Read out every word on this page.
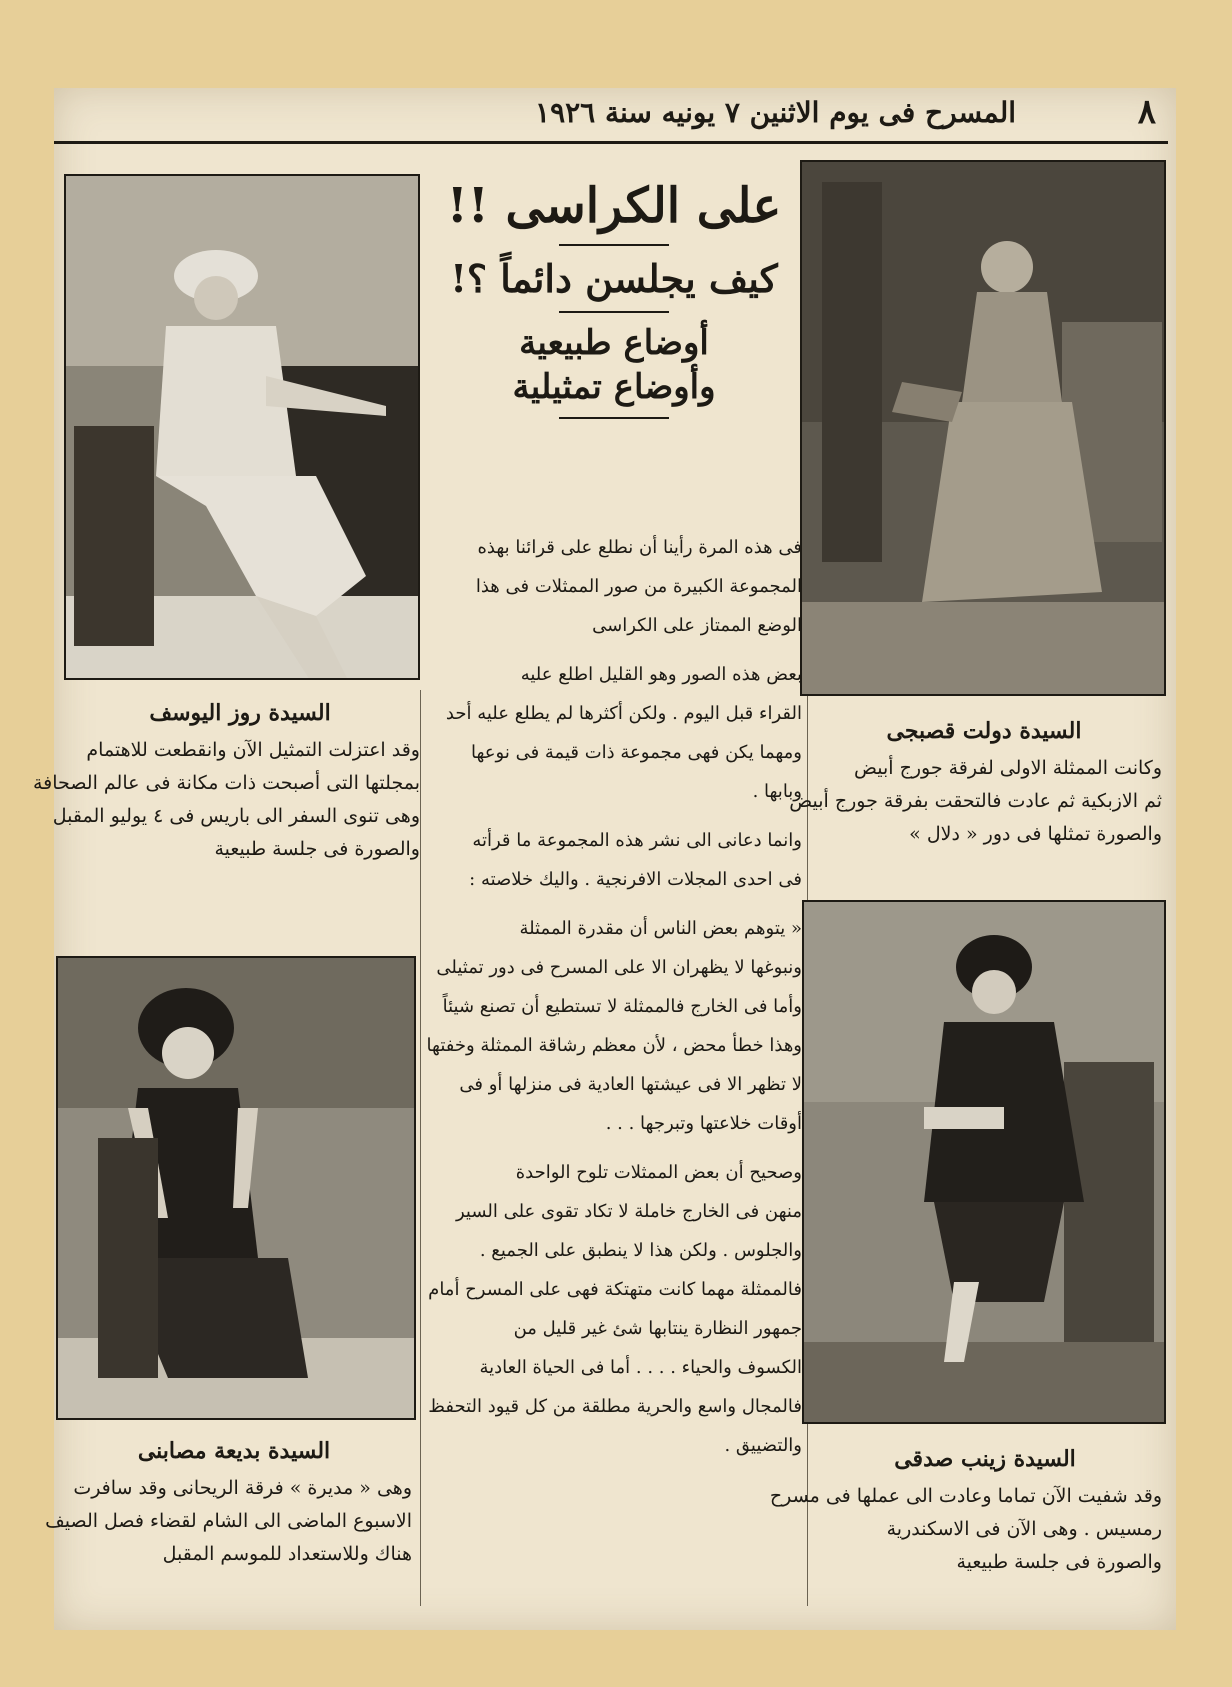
٨
المسرح فى يوم الاثنين ٧ يونيه سنة ١٩٢٦
على الكراسى !!
كيف يجلسن دائماً ؟!
أوضاع طبيعية
وأوضاع تمثيلية

فى هذه المرة رأينا أن نطلع على قرائنا بهذه
المجموعة الكبيرة من صور الممثلات فى هذا
الوضع الممتاز على الكراسى

بعض هذه الصور وهو القليل اطلع عليه
القراء قبل اليوم . ولكن أكثرها لم يطلع عليه أحد
ومهما يكن فهى مجموعة ذات قيمة فى نوعها
وبابها .

وانما دعانى الى نشر هذه المجموعة ما قرأته
فى احدى المجلات الافرنجية . واليك خلاصته :

« يتوهم بعض الناس أن مقدرة الممثلة
ونبوغها لا يظهران الا على المسرح فى دور تمثيلى
وأما فى الخارج فالممثلة لا تستطيع أن تصنع شيئاً
وهذا خطأ محض ، لأن معظم رشاقة الممثلة وخفتها
لا تظهر الا فى عيشتها العادية فى منزلها أو فى
أوقات خلاعتها وتبرجها . . .

وصحيح أن بعض الممثلات تلوح الواحدة
منهن فى الخارج خاملة لا تكاد تقوى على السير
والجلوس . ولكن هذا لا ينطبق على الجميع .
فالممثلة مهما كانت متهتكة فهى على المسرح أمام
جمهور النظارة ينتابها شئ غير قليل من
الكسوف والحياء . . . . أما فى الحياة العادية
فالمجال واسع والحرية مطلقة من كل قيود التحفظ
والتضييق .

السيدة روز اليوسف

وقد اعتزلت التمثيل الآن وانقطعت للاهتمام
بمجلتها التى أصبحت ذات مكانة فى عالم الصحافة
وهى تنوى السفر الى باريس فى ٤ يوليو المقبل
والصورة فى جلسة طبيعية

السيدة دولت قصبجى

وكانت الممثلة الاولى لفرقة جورج أبيض
ثم الازبكية ثم عادت فالتحقت بفرقة جورج أبيض
والصورة تمثلها فى دور « دلال »

السيدة بديعة مصابنى

وهى « مديرة » فرقة الريحانى وقد سافرت
الاسبوع الماضى الى الشام لقضاء فصل الصيف
هناك وللاستعداد للموسم المقبل

السيدة زينب صدقى

وقد شفيت الآن تماما وعادت الى عملها فى مسرح
رمسيس . وهى الآن فى الاسكندرية
والصورة فى جلسة طبيعية
